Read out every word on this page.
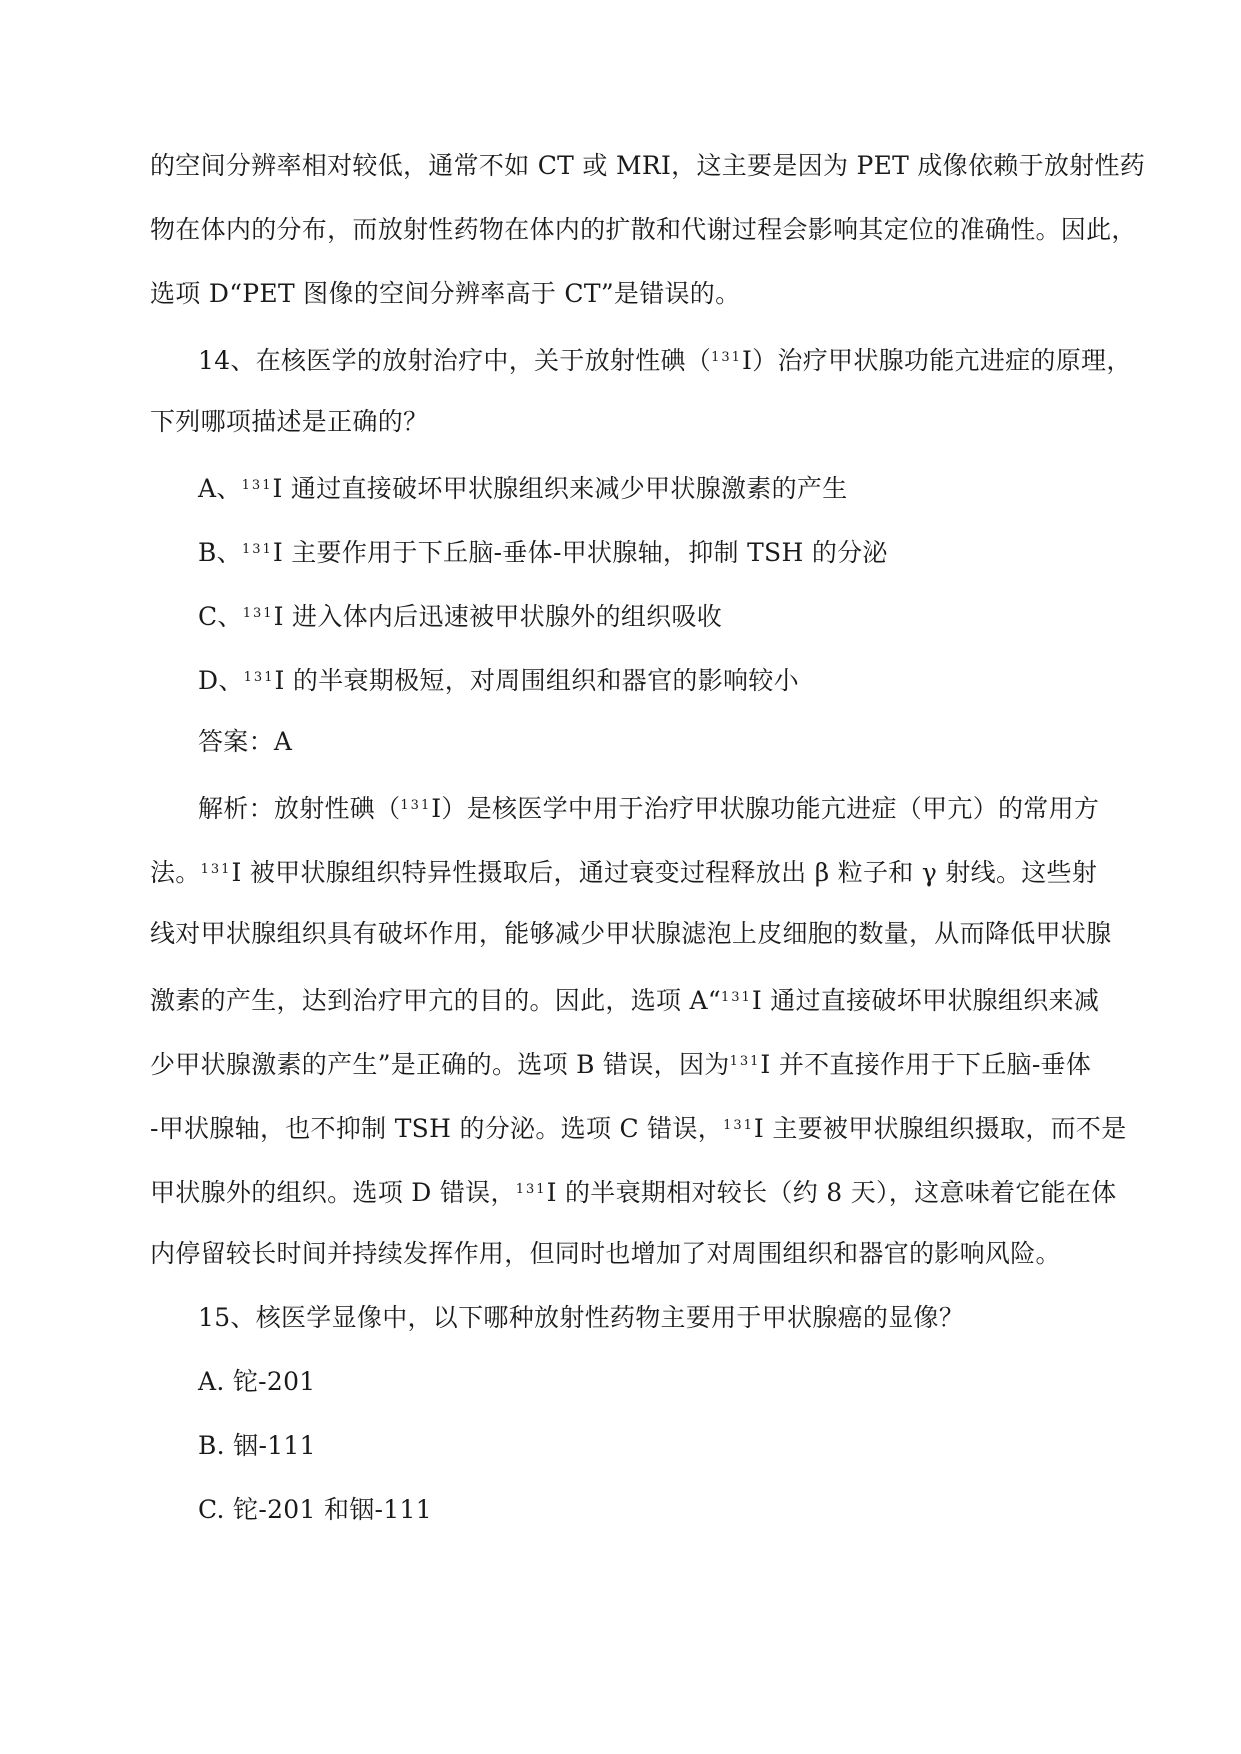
的空间分辨率相对较低，通常不如 CT 或 MRI，这主要是因为 PET 成像依赖于放射性药
物在体内的分布，而放射性药物在体内的扩散和代谢过程会影响其定位的准确性。因此，
选项 D“PET 图像的空间分辨率高于 CT”是错误的。
14、在核医学的放射治疗中，关于放射性碘（$^{131}$I）治疗甲状腺功能亢进症的原理，
下列哪项描述是正确的？
A、$^{131}$I 通过直接破坏甲状腺组织来减少甲状腺激素的产生
B、$^{131}$I 主要作用于下丘脑-垂体-甲状腺轴，抑制 TSH 的分泌
C、$^{131}$I 进入体内后迅速被甲状腺外的组织吸收
D、$^{131}$I 的半衰期极短，对周围组织和器官的影响较小
答案：A
解析：放射性碘（$^{131}$I）是核医学中用于治疗甲状腺功能亢进症（甲亢）的常用方
法。$^{131}$I 被甲状腺组织特异性摄取后，通过衰变过程释放出 β 粒子和 γ 射线。这些射
线对甲状腺组织具有破坏作用，能够减少甲状腺滤泡上皮细胞的数量，从而降低甲状腺
激素的产生，达到治疗甲亢的目的。因此，选项 A“$^{131}$I 通过直接破坏甲状腺组织来减
少甲状腺激素的产生”是正确的。选项 B 错误，因为$^{131}$I 并不直接作用于下丘脑-垂体
-甲状腺轴，也不抑制 TSH 的分泌。选项 C 错误，$^{131}$I 主要被甲状腺组织摄取，而不是
甲状腺外的组织。选项 D 错误，$^{131}$I 的半衰期相对较长（约 8 天），这意味着它能在体
内停留较长时间并持续发挥作用，但同时也增加了对周围组织和器官的影响风险。
15、核医学显像中，以下哪种放射性药物主要用于甲状腺癌的显像？
A. 铊-201
B. 铟-111
C. 铊-201 和铟-111
